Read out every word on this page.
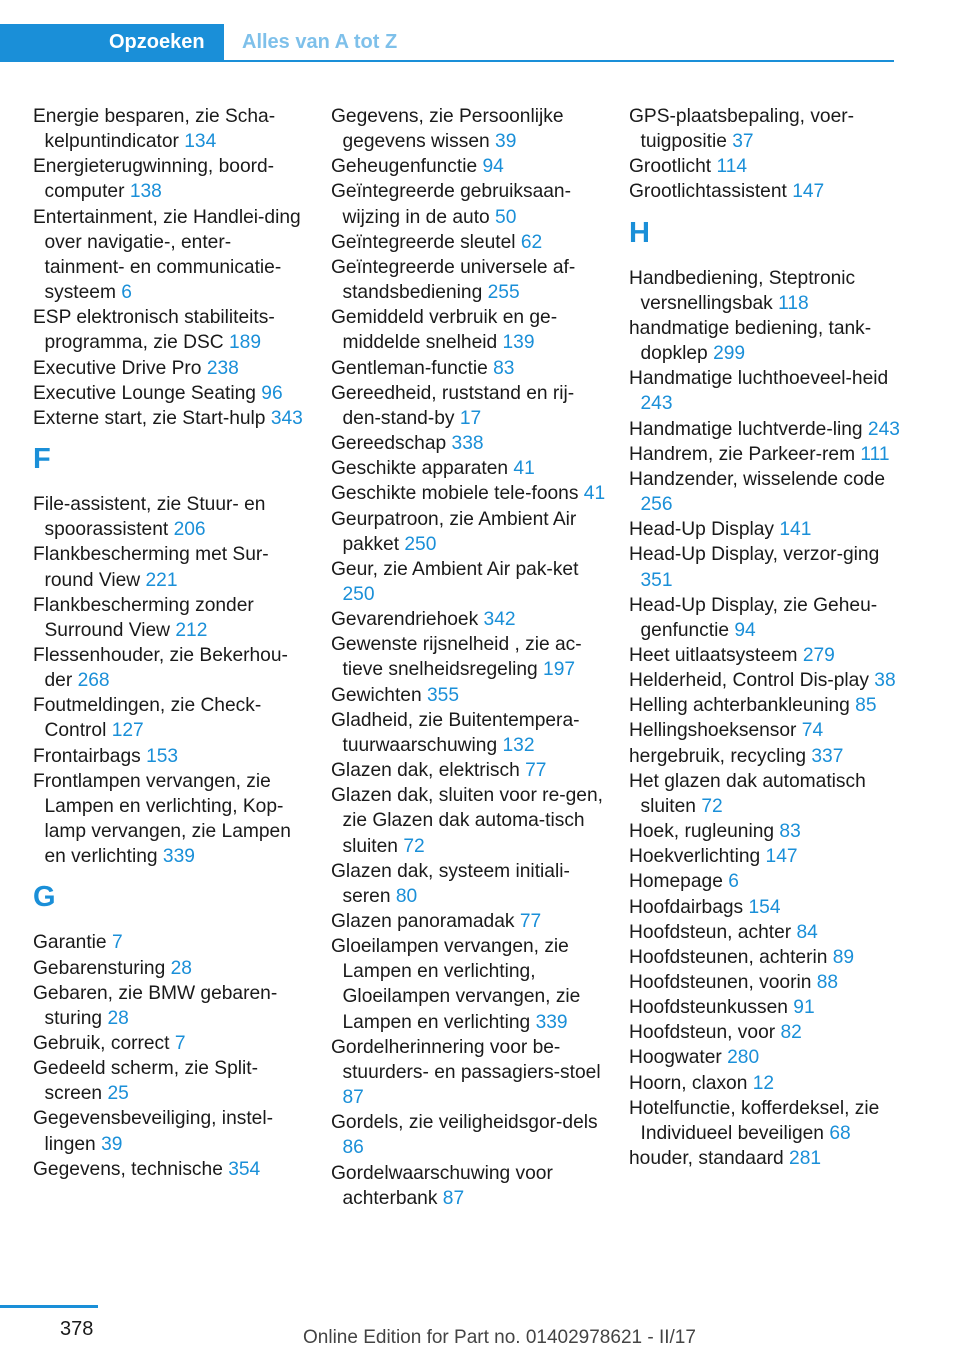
Opzoeken	Alles van A tot Z
Energie besparen, zie Scha‐kelpuntindicator 134
Energieterugwinning, boord‐computer 138
Entertainment, zie Handlei‐ding over navigatie-, enter‐tainment- en communicatie‐systeem 6
ESP elektronisch stabiliteits‐programma, zie DSC 189
Executive Drive Pro 238
Executive Lounge Seating 96
Externe start, zie Start‐hulp 343
F
File-assistent, zie Stuur- en spoorassistent 206
Flankbescherming met Sur‐round View 221
Flankbescherming zonder Surround View 212
Flessenhouder, zie Bekerhou‐der 268
Foutmeldingen, zie Check-Control 127
Frontairbags 153
Frontlampen vervangen, zie Lampen en verlichting, Kop‐lamp vervangen, zie Lampen en verlichting 339
G
Garantie 7
Gebarensturing 28
Gebaren, zie BMW gebaren‐sturing 28
Gebruik, correct 7
Gedeeld scherm, zie Split‐screen 25
Gegevensbeveiliging, instel‐lingen 39
Gegevens, technische 354
Gegevens, zie Persoonlijke gegevens wissen 39
Geheugenfunctie 94
Geïntegreerde gebruiksaan‐wijzing in de auto 50
Geïntegreerde sleutel 62
Geïntegreerde universele af‐standsbediening 255
Gemiddeld verbruik en ge‐middelde snelheid 139
Gentleman-functie 83
Gereedheid, ruststand en rij‐den-stand-by 17
Gereedschap 338
Geschikte apparaten 41
Geschikte mobiele tele‐foons 41
Geurpatroon, zie Ambient Air pakket 250
Geur, zie Ambient Air pak‐ket 250
Gevarendriehoek 342
Gewenste rijsnelheid , zie ac‐tieve snelheidsregeling 197
Gewichten 355
Gladheid, zie Buitentempera‐tuurwaarschuwing 132
Glazen dak, elektrisch 77
Glazen dak, sluiten voor re‐gen, zie Glazen dak automa‐tisch sluiten 72
Glazen dak, systeem initiali‐seren 80
Glazen panoramadak 77
Gloeilampen vervangen, zie Lampen en verlichting, Gloeilampen vervangen, zie Lampen en verlichting 339
Gordelherinnering voor be‐stuurders- en passagiers‐stoel 87
Gordels, zie veiligheidsgor‐dels 86
Gordelwaarschuwing voor achterbank 87
GPS-plaatsbepaling, voer‐tuigpositie 37
Grootlicht 114
Grootlichtassistent 147
H
Handbediening, Steptronic versnellingsbak 118
handmatige bediening, tank‐dopklep 299
Handmatige luchthoeveel‐heid 243
Handmatige luchtverde‐ling 243
Handrem, zie Parkeer‐rem 111
Handzender, wisselende code 256
Head-Up Display 141
Head-Up Display, verzor‐ging 351
Head-Up Display, zie Geheu‐genfunctie 94
Heet uitlaatsysteem 279
Helderheid, Control Dis‐play 38
Helling achterbankleuning 85
Hellingshoeksensor 74
hergebruik, recycling 337
Het glazen dak automatisch sluiten 72
Hoek, rugleuning 83
Hoekverlichting 147
Homepage 6
Hoofdairbags 154
Hoofdsteun, achter 84
Hoofdsteunen, achterin 89
Hoofdsteunen, voorin 88
Hoofdsteunkussen 91
Hoofdsteun, voor 82
Hoogwater 280
Hoorn, claxon 12
Hotelfunctie, kofferdeksel, zie Individueel beveiligen 68
houder, standaard 281
378	Online Edition for Part no. 01402978621 - II/17
